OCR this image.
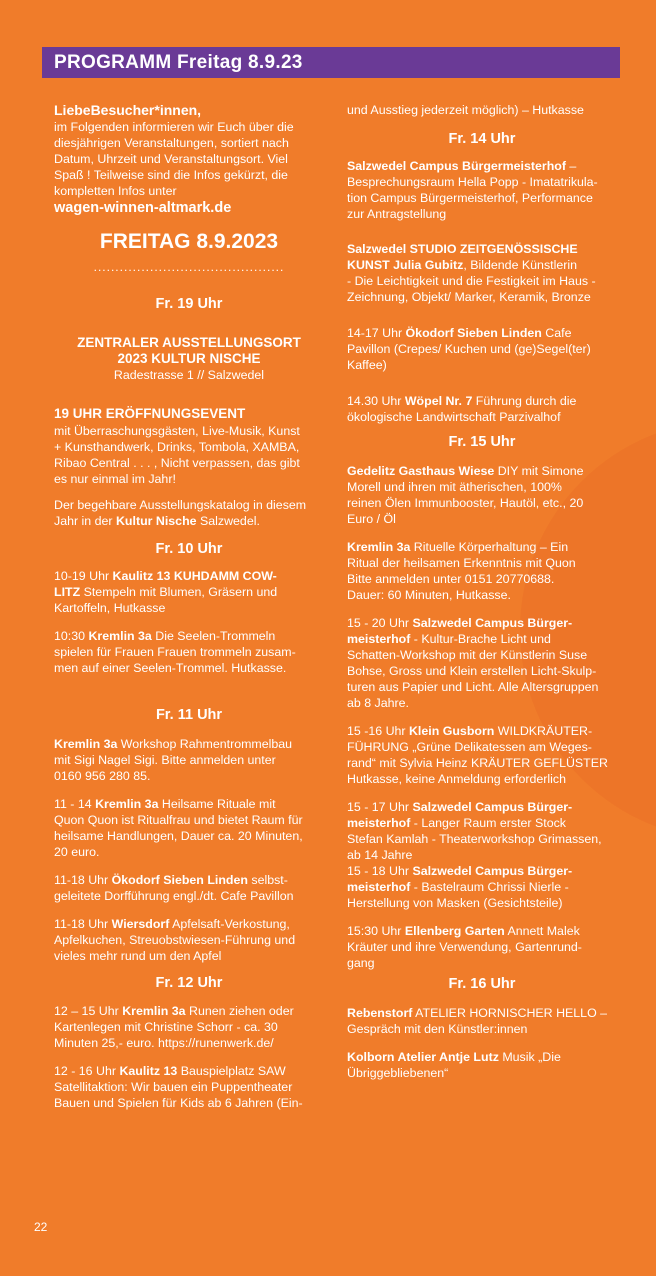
PROGRAMM Freitag 8.9.23
LiebeBesucher*innen,

im Folgenden informieren wir Euch über die
diesjährigen Veranstaltungen, sortiert nach
Datum, Uhrzeit und Veranstaltungsort. Viel
Spaß ! Teilweise sind die Infos gekürzt, die
kompletten Infos unter

wagen-winnen-altmark.de
FREITAG 8.9.2023
............................................
Fr. 19 Uhr
ZENTRALER AUSSTELLUNGSORT
2023 KULTUR NISCHE
Radestrasse 1 // Salzwedel
19 UHR ERÖFFNUNGSEVENT

mit Überraschungsgästen, Live-Musik, Kunst
+ Kunsthandwerk, Drinks, Tombola, XAMBA,
Ribao Central . . . , Nicht verpassen, das gibt
es nur einmal im Jahr!

Der begehbare Ausstellungskatalog in diesem
Jahr in der Kultur Nische Salzwedel.

Fr. 10 Uhr

10-19 Uhr Kaulitz 13 KUHDAMM COW-
LITZ Stempeln mit Blumen, Gräsern und
Kartoffeln, Hutkasse

10:30 Kremlin 3a Die Seelen-Trommeln
spielen für Frauen Frauen trommeln zusam-
men auf einer Seelen-Trommel. Hutkasse.

Fr. 11 Uhr

Kremlin 3a Workshop Rahmentrommelbau
mit Sigi Nagel Sigi. Bitte anmelden unter
0160 956 280 85.

11 - 14 Kremlin 3a Heilsame Rituale mit
Quon Quon ist Ritualfrau und bietet Raum für
heilsame Handlungen, Dauer ca. 20 Minuten,
20 euro.

11-18 Uhr Ökodorf Sieben Linden selbst-
geleitete Dorfführung engl./dt. Cafe Pavillon

11-18 Uhr Wiersdorf Apfelsaft-Verkostung,
Apfelkuchen, Streuobstwiesen-Führung und
vieles mehr rund um den Apfel

Fr. 12 Uhr

12 – 15 Uhr Kremlin 3a Runen ziehen oder
Kartenlegen mit Christine Schorr - ca. 30
Minuten 25,- euro. https://runenwerk.de/

12 - 16 Uhr Kaulitz 13 Bauspielplatz SAW
Satellitaktion: Wir bauen ein Puppentheater
Bauen und Spielen für Kids ab 6 Jahren (Ein-

und Ausstieg jederzeit möglich) – Hutkasse

Fr. 14 Uhr

Salzwedel Campus Bürgermeisterhof –
Besprechungsraum Hella Popp - Imatatrikula-
tion Campus Bürgermeisterhof, Performance
zur Antragstellung

Salzwedel STUDIO ZEITGENÖSSISCHE
KUNST Julia Gubitz, Bildende Künstlerin
- Die Leichtigkeit und die Festigkeit im Haus -
Zeichnung, Objekt/ Marker, Keramik, Bronze

14-17 Uhr Ökodorf Sieben Linden Cafe
Pavillon (Crepes/ Kuchen und (ge)Segel(ter)
Kaffee)

14.30 Uhr Wöpel Nr. 7 Führung durch die
ökologische Landwirtschaft Parzivalhof

Fr. 15 Uhr

Gedelitz Gasthaus Wiese DIY mit Simone
Morell und ihren mit ätherischen, 100%
reinen Ölen Immunbooster, Hautöl, etc., 20
Euro / Öl

Kremlin 3a Rituelle Körperhaltung – Ein
Ritual der heilsamen Erkenntnis mit Quon
Bitte anmelden unter 0151 20770688.
Dauer: 60 Minuten, Hutkasse.

15 - 20 Uhr Salzwedel Campus Bürger-
meisterhof - Kultur-Brache Licht und
Schatten-Workshop mit der Künstlerin Suse
Bohse, Gross und Klein erstellen Licht-Skulp-
turen aus Papier und Licht. Alle Altersgruppen
ab 8 Jahre.

15 -16 Uhr Klein Gusborn WILDKRÄUTER-
FÜHRUNG „Grüne Delikatessen am Weges-
rand“ mit Sylvia Heinz KRÄUTER GEFLÜSTER
Hutkasse, keine Anmeldung erforderlich

15 - 17 Uhr Salzwedel Campus Bürger-
meisterhof - Langer Raum erster Stock
Stefan Kamlah - Theaterworkshop Grimassen,
ab 14 Jahre

15 - 18 Uhr Salzwedel Campus Bürger-
meisterhof - Bastelraum Chrissi Nierle -
Herstellung von Masken (Gesichtsteile)

15:30 Uhr Ellenberg Garten Annett Malek
Kräuter und ihre Verwendung, Gartenrund-
gang

Fr. 16 Uhr

Rebenstorf ATELIER HORNISCHER HELLO –
Gespräch mit den Künstler:innen

Kolborn Atelier Antje Lutz Musik „Die
Übriggebliebenen“

22
